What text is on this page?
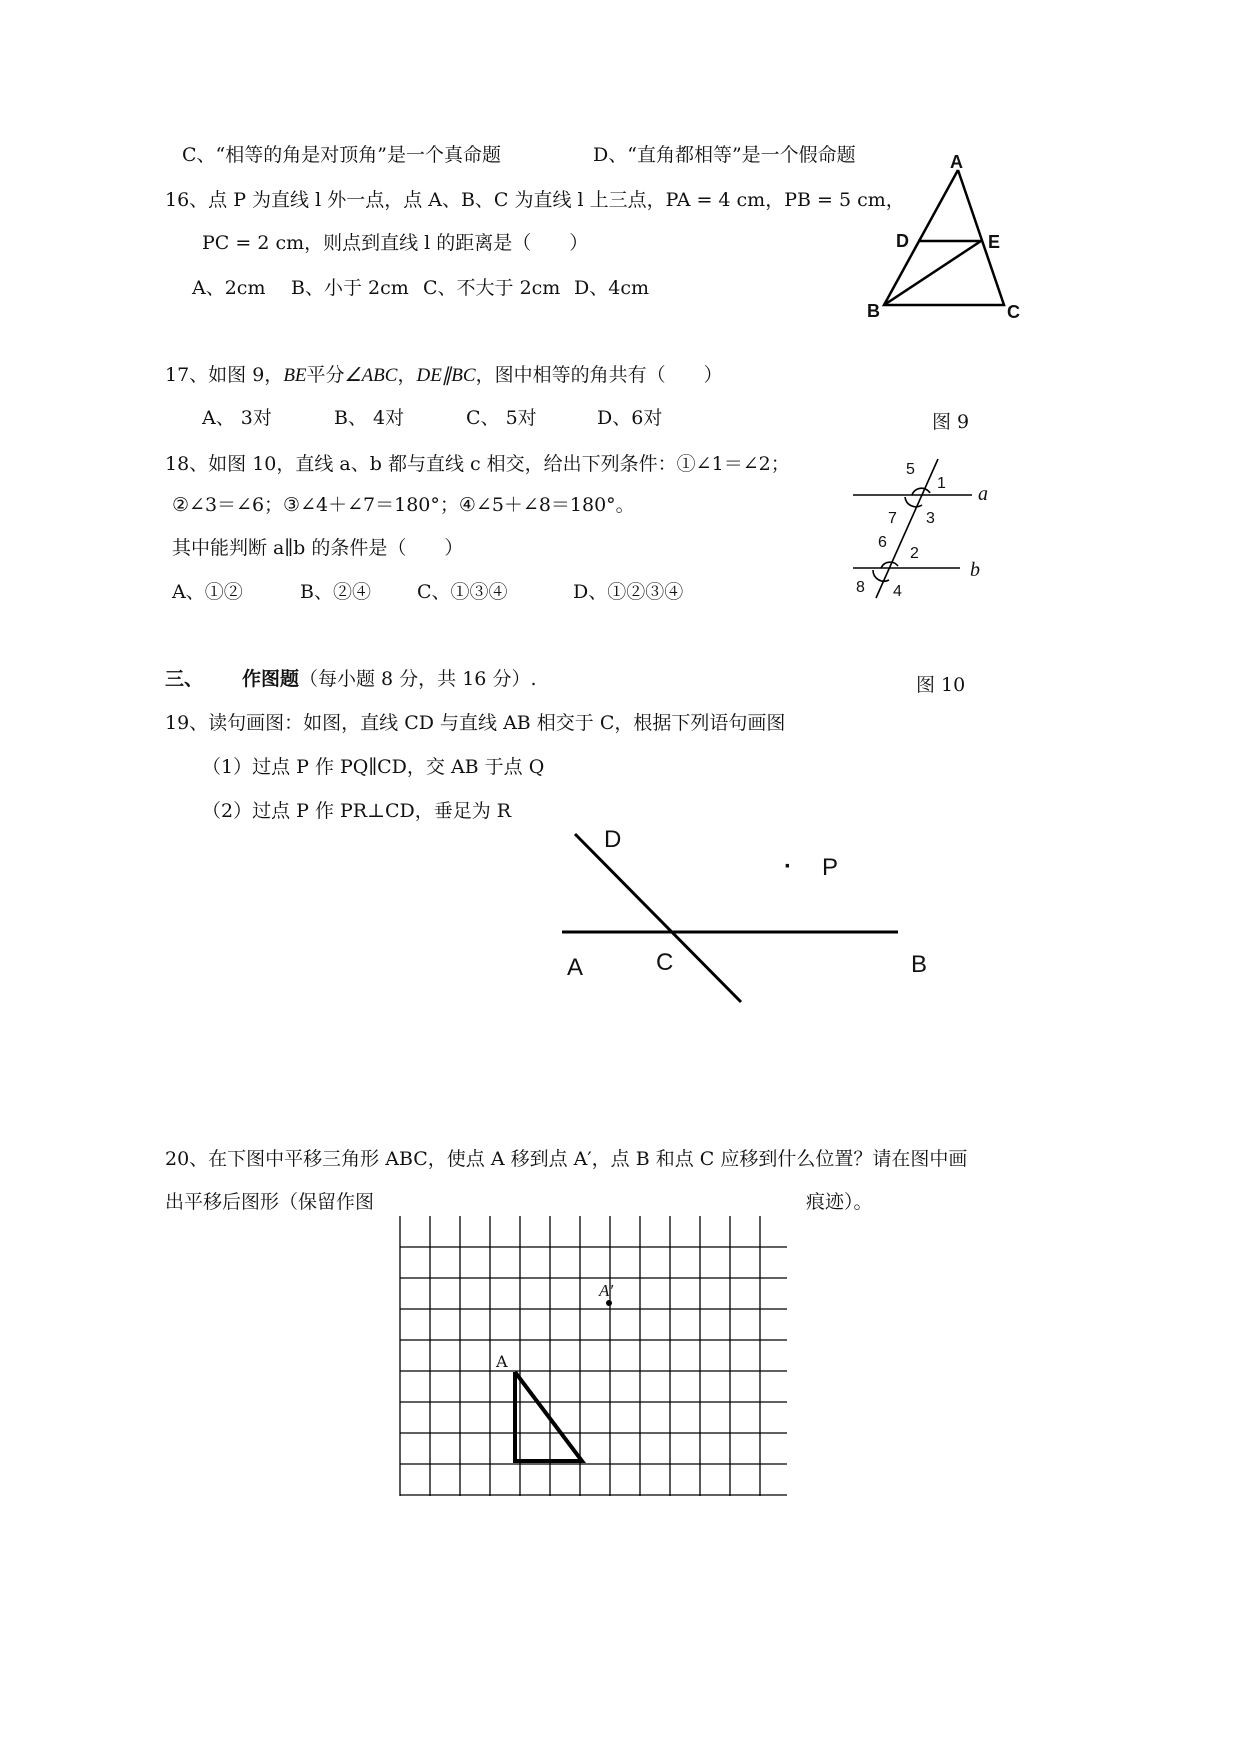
C、“相等的角是对顶角”是一个真命题	D、“直角都相等”是一个假命题
16、点 P 为直线 l 外一点，点 A、B、C 为直线 l 上三点，PA = 4 cm，PB = 5 cm，
PC = 2 cm，则点到直线 l 的距离是（　　）
A、2cm B、小于 2cm C、不大于 2cm D、4cm
17、如图 9，BE平分∠ABC，DE∥BC，图中相等的角共有（　　）
A、 3对	B、 4对	C、 5对	D、6对	图 9
18、如图 10，直线 a、b 都与直线 c 相交，给出下列条件：①∠1＝∠2；
②∠3＝∠6；③∠4＋∠7＝180°；④∠5＋∠8＝180°。
其中能判断 a∥b 的条件是（　　）
A、①②	B、②④ C、①③④	D、①②③④
三、 作图题（每小题 8 分，共 16 分）.	图 10
19、读句画图：如图，直线 CD 与直线 AB 相交于 C，根据下列语句画图
（1）过点 P 作 PQ∥CD，交 AB 于点 Q
（2）过点 P 作 PR⊥CD，垂足为 R
20、在下图中平移三角形 ABC，使点 A 移到点 A′，点 B 和点 C 应移到什么位置？请在图中画
出平移后图形（保留作图	痕迹）。
A
D	E
B	C
5
1
7 3
6
2
8 4
a
b
D
· P
A	C	B
A
A′
